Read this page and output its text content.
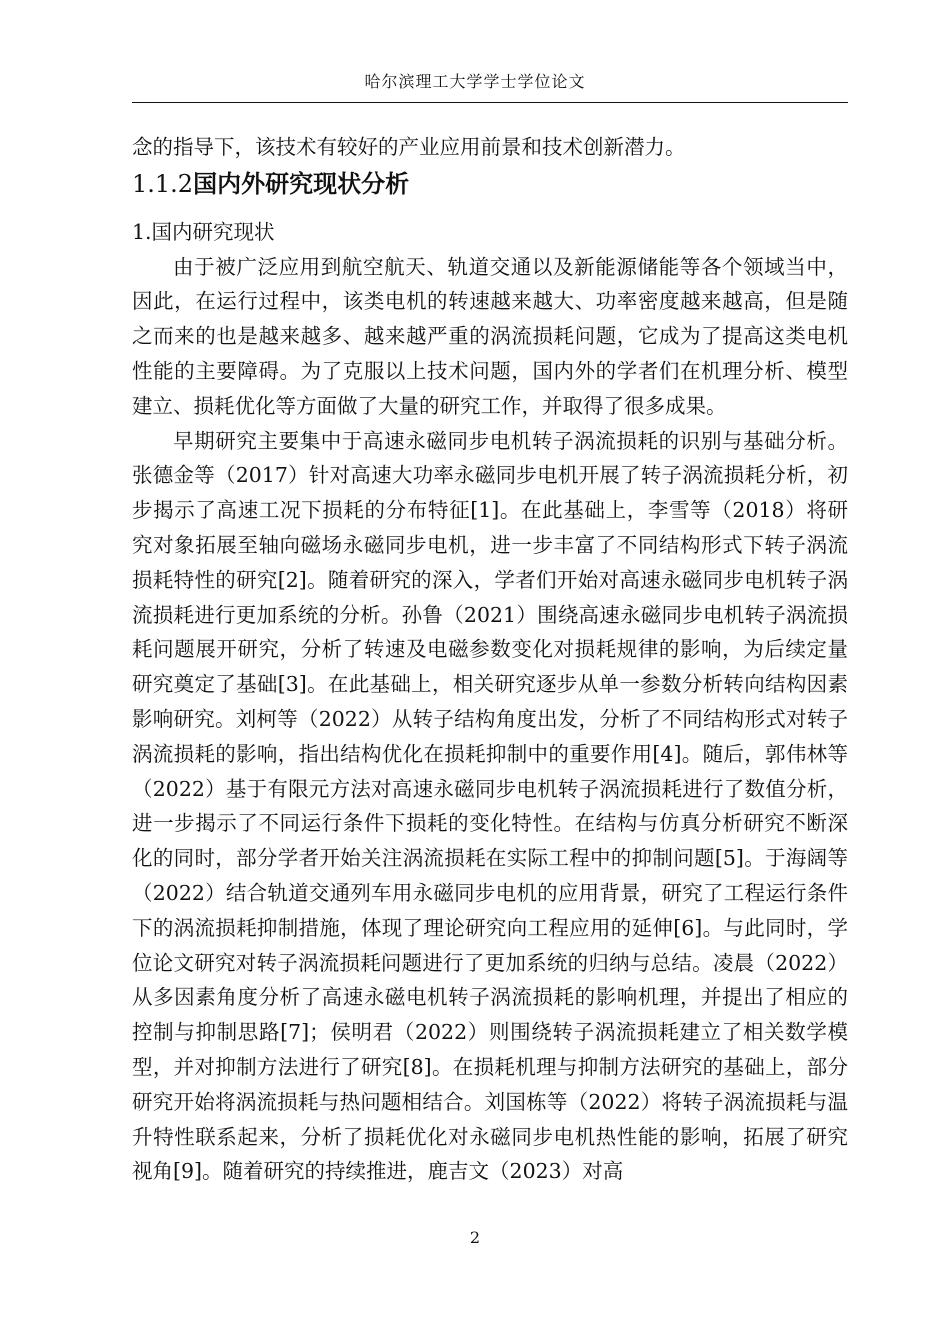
哈尔滨理工大学学士学位论文

念的指导下，该技术有较好的产业应用前景和技术创新潜力。

1.1.2国内外研究现状分析

1.国内研究现状

由于被广泛应用到航空航天、轨道交通以及新能源储能等各个领域当中，因此，在运行过程中，该类电机的转速越来越大、功率密度越来越高，但是随之而来的也是越来越多、越来越严重的涡流损耗问题，它成为了提高这类电机性能的主要障碍。为了克服以上技术问题，国内外的学者们在机理分析、模型建立、损耗优化等方面做了大量的研究工作，并取得了很多成果。

早期研究主要集中于高速永磁同步电机转子涡流损耗的识别与基础分析。张德金等（2017）针对高速大功率永磁同步电机开展了转子涡流损耗分析，初步揭示了高速工况下损耗的分布特征[1]。在此基础上，李雪等（2018）将研究对象拓展至轴向磁场永磁同步电机，进一步丰富了不同结构形式下转子涡流损耗特性的研究[2]。随着研究的深入，学者们开始对高速永磁同步电机转子涡流损耗进行更加系统的分析。孙鲁（2021）围绕高速永磁同步电机转子涡流损耗问题展开研究，分析了转速及电磁参数变化对损耗规律的影响，为后续定量研究奠定了基础[3]。在此基础上，相关研究逐步从单一参数分析转向结构因素影响研究。刘柯等（2022）从转子结构角度出发，分析了不同结构形式对转子涡流损耗的影响，指出结构优化在损耗抑制中的重要作用[4]。随后，郭伟林等（2022）基于有限元方法对高速永磁同步电机转子涡流损耗进行了数值分析，进一步揭示了不同运行条件下损耗的变化特性。在结构与仿真分析研究不断深化的同时，部分学者开始关注涡流损耗在实际工程中的抑制问题[5]。于海阔等（2022）结合轨道交通列车用永磁同步电机的应用背景，研究了工程运行条件下的涡流损耗抑制措施，体现了理论研究向工程应用的延伸[6]。与此同时，学位论文研究对转子涡流损耗问题进行了更加系统的归纳与总结。凌晨（2022）从多因素角度分析了高速永磁电机转子涡流损耗的影响机理，并提出了相应的控制与抑制思路[7]；侯明君（2022）则围绕转子涡流损耗建立了相关数学模型，并对抑制方法进行了研究[8]。在损耗机理与抑制方法研究的基础上，部分研究开始将涡流损耗与热问题相结合。刘国栋等（2022）将转子涡流损耗与温升特性联系起来，分析了损耗优化对永磁同步电机热性能的影响，拓展了研究视角[9]。随着研究的持续推进，鹿吉文（2023）对高

2
